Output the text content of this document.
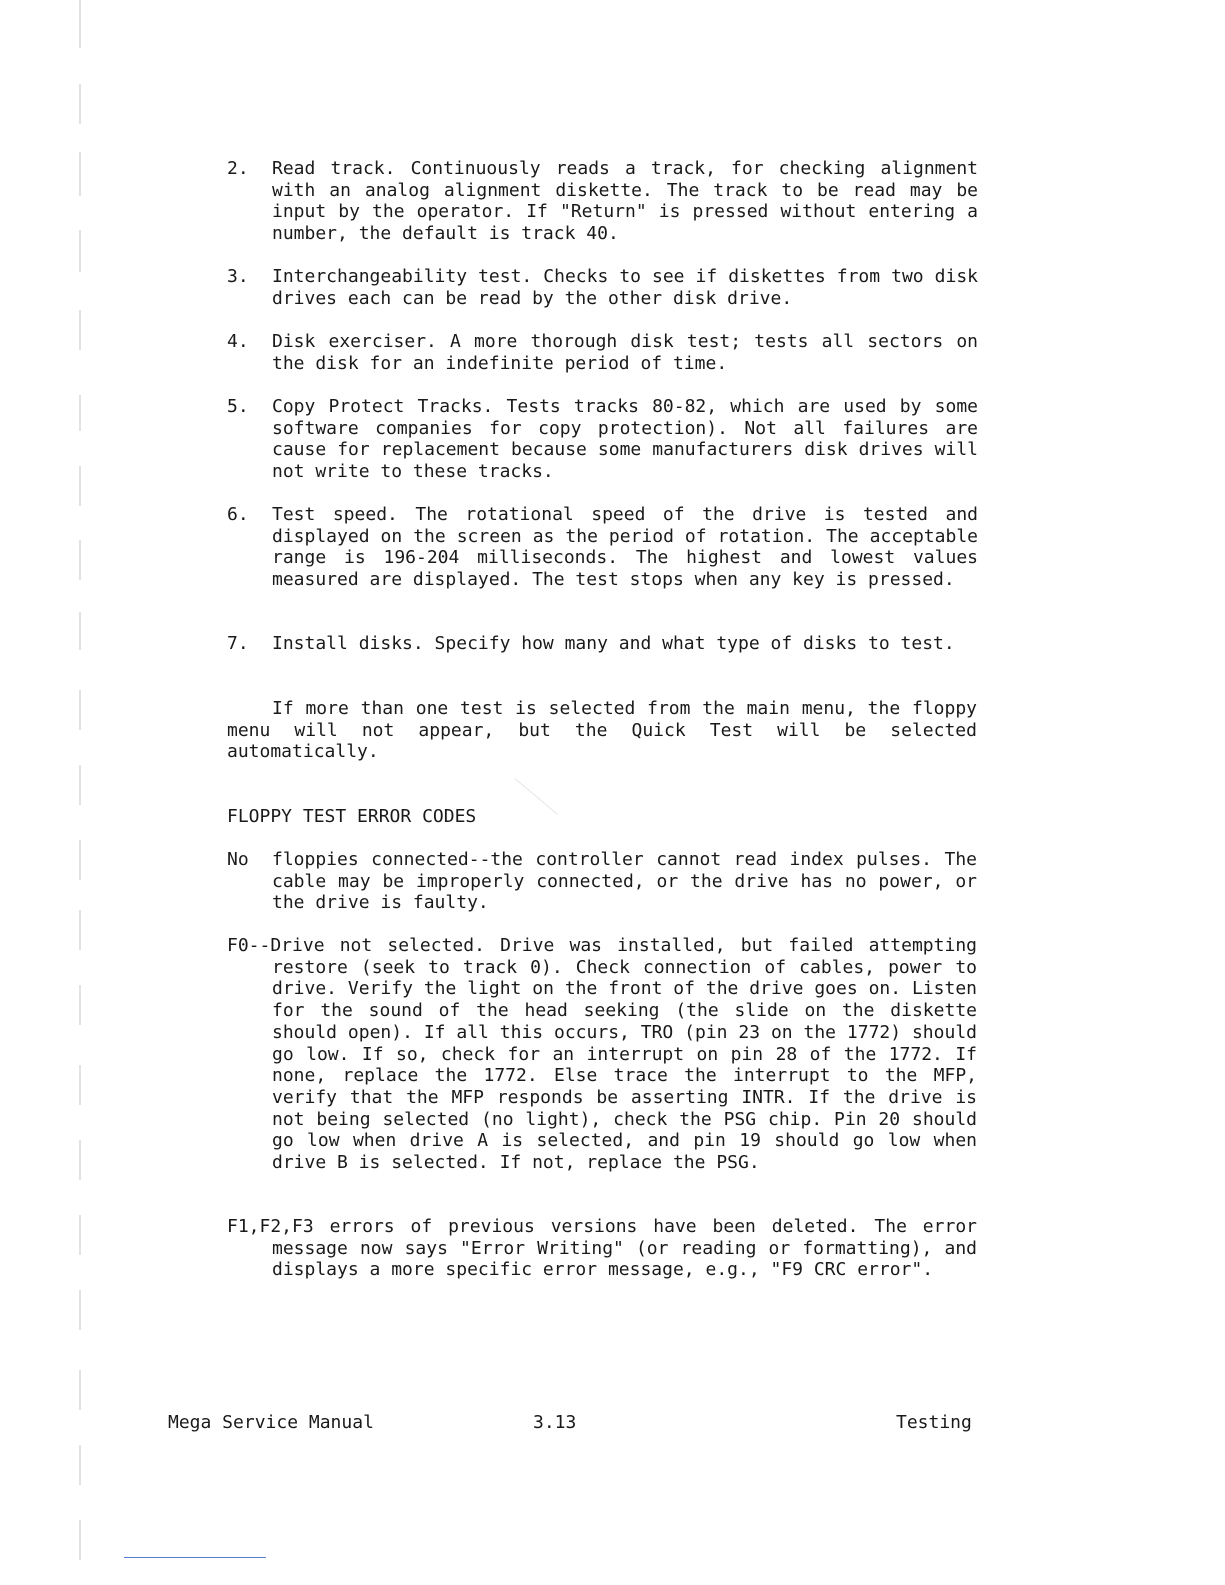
2. Read track. Continuously reads a track, for checking alignment with an analog alignment diskette. The track to be read may be input by the operator. If "Return" is pressed without entering a number, the default is track 40.
3. Interchangeability test. Checks to see if diskettes from two disk drives each can be read by the other disk drive.
4. Disk exerciser. A more thorough disk test; tests all sectors on the disk for an indefinite period of time.
5. Copy Protect Tracks. Tests tracks 80-82, which are used by some software companies for copy protection). Not all failures are cause for replacement because some manufacturers disk drives will not write to these tracks.
6. Test speed. The rotational speed of the drive is tested and displayed on the screen as the period of rotation. The acceptable range is 196-204 milliseconds. The highest and lowest values measured are displayed. The test stops when any key is pressed.
7. Install disks. Specify how many and what type of disks to test.
If more than one test is selected from the main menu, the floppy menu will not appear, but the Quick Test will be selected automatically.
FLOPPY TEST ERROR CODES
No	floppies connected--the controller cannot read index pulses. The cable may be improperly connected, or the drive has no power, or the drive is faulty.
F0--Drive not selected. Drive was installed, but failed attempting restore (seek to track 0). Check connection of cables, power to drive. Verify the light on the front of the drive goes on. Listen for the sound of the head seeking (the slide on the diskette should open). If all this occurs, TRO (pin 23 on the 1772) should go low. If so, check for an interrupt on pin 28 of the 1772. If none, replace the 1772. Else trace the interrupt to the MFP, verify that the MFP responds be asserting INTR. If the drive is not being selected (no light), check the PSG chip. Pin 20 should go low when drive A is selected, and pin 19 should go low when drive B is selected. If not, replace the PSG.
F1,F2,F3 errors of previous versions have been deleted. The error message now says "Error Writing" (or reading or formatting), and displays a more specific error message, e.g., "F9 CRC error".
Mega Service Manual	3.13	Testing
